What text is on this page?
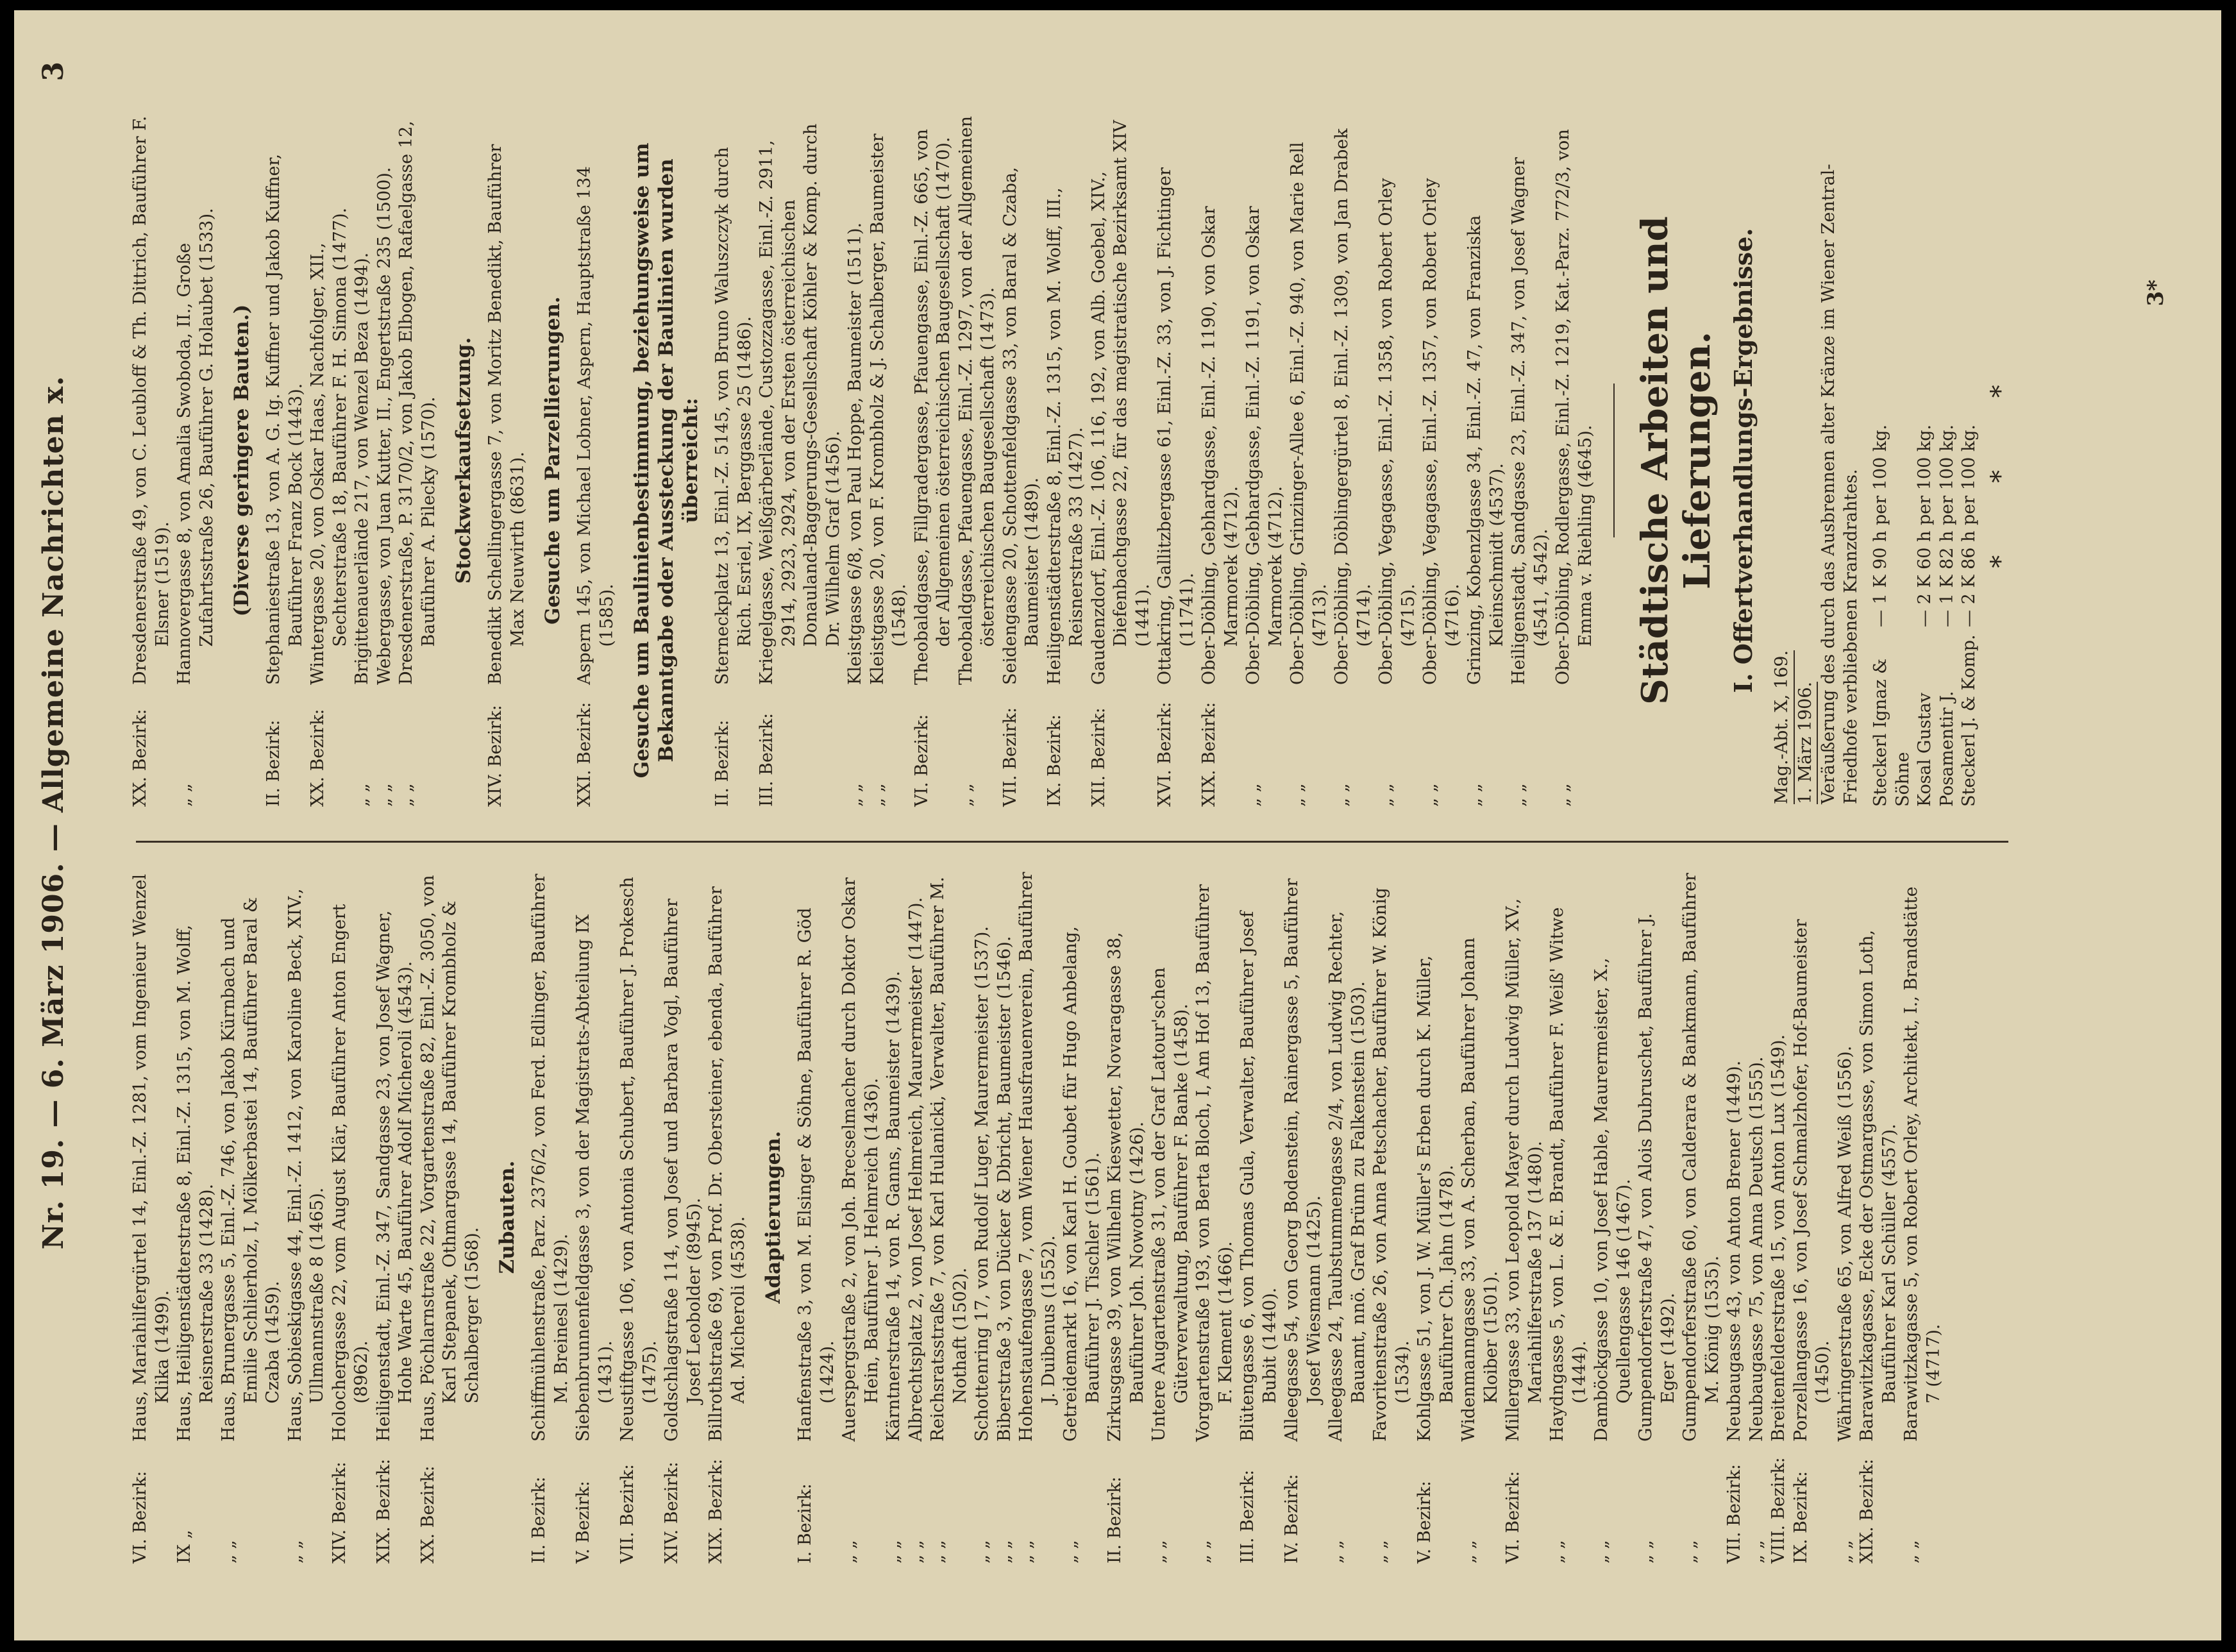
Nr. 19. — 6. März 1906. — Allgemeine Nachrichten x.
3
VI. Bezirk:
Haus, Mariahilfergürtel 14, Einl.-Z. 1281, vom Ingenieur Wenzel Klika (1499).
IX „
Haus, Heiligenstädterstraße 8, Einl.-Z. 1315, von M. Wolff, Reisnerstraße 33 (1428).
„ „
Haus, Brunergasse 5, Einl.-Z. 746, von Jakob Kürnbach und Emilie Schlierholz, I, Mölkerbastei 14, Bauführer Baral & Czaba (1459).
„ „
Haus, Sobieskigasse 44, Einl.-Z. 1412, von Karoline Beck, XIV., Ullmannstraße 8 (1465).
XIV. Bezirk:
Holochergasse 22, vom August Klär, Bauführer Anton Engert (8962).
XIX. Bezirk:
Heiligenstadt, Einl.-Z. 347, Sandgasse 23, von Josef Wagner, Hohe Warte 45, Bauführer Adolf Micheroli (4543).
XX. Bezirk:
Haus, Pöchlarnstraße 22, Vorgartenstraße 82, Einl.-Z. 3050, von Karl Stepanek, Othmargasse 14, Bauführer Krombholz & Schalberger (1568).
Zubauten.
II. Bezirk:
Schiffmühlenstraße, Parz. 2376/2, von Ferd. Edlinger, Bauführer M. Breinesl (1429).
V. Bezirk:
Siebenbrunnenfeldgasse 3, von der Magistrats-Abteilung IX (1431).
VII. Bezirk:
Neustiftgasse 106, von Antonia Schubert, Bauführer J. Prokesch (1475).
XIV. Bezirk:
Goldschlagstraße 114, von Josef und Barbara Vogl, Bauführer Josef Leobolder (8945).
XIX. Bezirk:
Billrothstraße 69, von Prof. Dr. Obersteiner, ebenda, Bauführer Ad. Micheroli (4538). Adaptierungen.
I. Bezirk:
Hanfenstraße 3, von M. Elsinger & Söhne, Bauführer R. Göd (1424).
„ „
Auerspergstraße 2, von Joh. Brecselmacher durch Doktor Oskar Hein, Bauführer J. Helmreich (1436).
„ „
Kärntnerstraße 14, von R. Ganns, Baumeister (1439).
„ „
Albrechtsplatz 2, von Josef Helmreich, Maurermeister (1447).
„ „
Reichsratsstraße 7, von Karl Hulanicki, Verwalter, Bauführer M. Nothaft (1502).
„ „
Schottenring 17, von Rudolf Luger, Maurermeister (1537).
„ „
Biberstraße 3, von Dücker & Dbricht, Baumeister (1546).
„ „
Hohenstaufengasse 7, vom Wiener Hausfrauenverein, Bauführer J. Duibenus (1552).
„ „
Getreidemarkt 16, von Karl H. Goubet für Hugo Anbelang, Bauführer J. Tischler (1561).
II. Bezirk:
Zirkusgasse 39, von Wilhelm Kieswetter, Novaragasse 38, Bauführer Joh. Nowotny (1426).
„ „
Untere Augartenstraße 31, von der Graf Latour'schen Güterverwaltung, Bauführer F. Banke (1458).
„ „
Vorgartenstraße 193, von Berta Bloch, I, Am Hof 13, Bauführer F. Klement (1466).
III. Bezirk:
Blütengasse 6, von Thomas Gula, Verwalter, Bauführer Josef Bubit (1440).
IV. Bezirk:
Alleegasse 54, von Georg Bodenstein, Rainergasse 5, Bauführer Josef Wiesmann (1425).
„ „
Alleegasse 24, Taubstummengasse 2/4, von Ludwig Rechter, Bauamt, nnö. Graf Brünn zu Falkenstein (1503).
„ „
Favoritenstraße 26, von Anna Petschacher, Bauführer W. König (1534).
V. Bezirk:
Kohlgasse 51, von J. W. Müller's Erben durch K. Müller, Bauführer Ch. Jahn (1478).
„ „
Widenmanngasse 33, von A. Scherban, Bauführer Johann Kloiber (1501).
VI. Bezirk:
Millergasse 33, von Leopold Mayer durch Ludwig Müller, XV., Mariahilferstraße 137 (1480).
„ „
Haydngasse 5, von L. & E. Brandt, Bauführer F. Weiß' Witwe (1444).
„ „
Damböckgasse 10, von Josef Hable, Maurermeister, X., Quellengasse 146 (1467).
„ „
Gumpendorferstraße 47, von Alois Dubruschet, Bauführer J. Eger (1492).
„ „
Gumpendorferstraße 60, von Calderara & Bankmann, Bauführer M. König (1535).
VII. Bezirk:
Neubaugasse 43, von Anton Brener (1449).
„ „
Neubaugasse 75, von Anna Deutsch (1555).
VIII. Bezirk:
Breitenfelderstraße 15, von Anton Lux (1549).
IX. Bezirk:
Porzellangasse 16, von Josef Schmalzhofer, Hof-Baumeister (1450).
„ „
Währingerstraße 65, von Alfred Weiß (1556).
XIX. Bezirk:
Barawitzkagasse, Ecke der Ostmargasse, von Simon Loth, Bauführer Karl Schüller (4557).
„ „
Barawitzkagasse 5, von Robert Orley, Architekt, I., Brandstätte 7 (4717).
XX. Bezirk:
Dresdenerstraße 49, von C. Leubloff & Th. Dittrich, Bauführer F. Elsner (1519).
„ „
Hannovergasse 8, von Amalia Swoboda, II., Große Zufahrtsstraße 26, Bauführer G. Holaubet (1533). (Diverse geringere Bauten.)
II. Bezirk:
Stephaniestraße 13, von A. G. Ig. Kuffner und Jakob Kuffner, Bauführer Franz Bock (1443).
XX. Bezirk:
Wintergasse 20, von Oskar Haas, Nachfolger, XII., Sechterstraße 18, Bauführer F. H. Simona (1477).
„ „
Brigittenauerlände 217, von Wenzel Beza (1494).
„ „
Webergasse, von Juan Kutter, II., Engertstraße 235 (1500).
„ „
Dresdenerstraße, P. 3170/2, von Jakob Elbogen, Rafaelgasse 12, Bauführer A. Pilecky (1570). Stockwerkaufsetzung.
XIV. Bezirk:
Benedikt Schellingergasse 7, von Moritz Benedikt, Bauführer Max Neuwirth (8631). Gesuche um Parzellierungen.
XXI. Bezirk:
Aspern 145, von Michael Lobner, Aspern, Hauptstraße 134 (1585). Gesuche um Baulinienbestimmung, beziehungsweise um Bekanntgabe oder Aussteckung der Baulinien wurden überreicht:
II. Bezirk:
Sterneckplatz 13, Einl.-Z. 5145, von Bruno Waluszczyk durch Rich. Esriel, IX, Berggasse 25 (1486).
III. Bezirk:
Kriegelgasse, Weißgärberlände, Custozzagasse, Einl.-Z. 2911, 2914, 2923, 2924, von der Ersten österreichischen Donauland-Baggerungs-Gesellschaft Köhler & Komp. durch Dr. Wilhelm Graf (1456).
„ „
Kleistgasse 6/8, von Paul Hoppe, Baumeister (1511).
„ „
Kleistgasse 20, von F. Krombholz & J. Schalberger, Baumeister (1548).
VI. Bezirk:
Theobaldgasse, Fillgradergasse, Pfauengasse, Einl.-Z. 665, von der Allgemeinen österreichischen Baugesellschaft (1470).
„ „
Theobaldgasse, Pfauengasse, Einl.-Z. 1297, von der Allgemeinen österreichischen Baugesellschaft (1473).
VII. Bezirk:
Seidengasse 20, Schottenfeldgasse 33, von Baral & Czaba, Baumeister (1489).
IX. Bezirk:
Heiligenstädterstraße 8, Einl.-Z. 1315, von M. Wolff, III., Reisnerstraße 33 (1427).
XII. Bezirk:
Gaudenzdorf, Einl.-Z. 106, 116, 192, von Alb. Goebel, XIV., Diefenbachgasse 22, für das magistratische Bezirksamt XIV (1441).
XVI. Bezirk:
Ottakring, Gallitzbergasse 61, Einl.-Z. 33, von J. Fichtinger (11741).
XIX. Bezirk:
Ober-Döbling, Gebhardgasse, Einl.-Z. 1190, von Oskar Marmorek (4712).
„ „
Ober-Döbling, Gebhardgasse, Einl.-Z. 1191, von Oskar Marmorek (4712).
„ „
Ober-Döbling, Grinzinger-Allee 6, Einl.-Z. 940, von Marie Rell (4713).
„ „
Ober-Döbling, Döblingergürtel 8, Einl.-Z. 1309, von Jan Drabek (4714).
„ „
Ober-Döbling, Vegagasse, Einl.-Z. 1358, von Robert Orley (4715).
„ „
Ober-Döbling, Vegagasse, Einl.-Z. 1357, von Robert Orley (4716).
„ „
Grinzing, Kobenzlgasse 34, Einl.-Z. 47, von Franziska Kleinschmidt (4537).
„ „
Heiligenstadt, Sandgasse 23, Einl.-Z. 347, von Josef Wagner (4541, 4542).
„ „
Ober-Döbling, Rodlergasse, Einl.-Z. 1219, Kat.-Parz. 772/3, von Emma v. Riehling (4645). Städtische Arbeiten und Lieferungen. I. Offertverhandlungs-Ergebnisse.
Mag.-Abt. X, 169. 1. März 1906. Veräußerung des durch das Ausbrennen alter Kränze im Wiener Zentral-Friedhofe verbliebenen Kranzdrahtes. Steckerl Ignaz & Söhne
— 1 K 90 h per 100 kg.
Kosal Gustav
— 2 K 60 h per 100 kg.
Posamentir J.
— 1 K 82 h per 100 kg.
Steckerl J. & Komp.
— 2 K 86 h per 100 kg. * * *
3*
